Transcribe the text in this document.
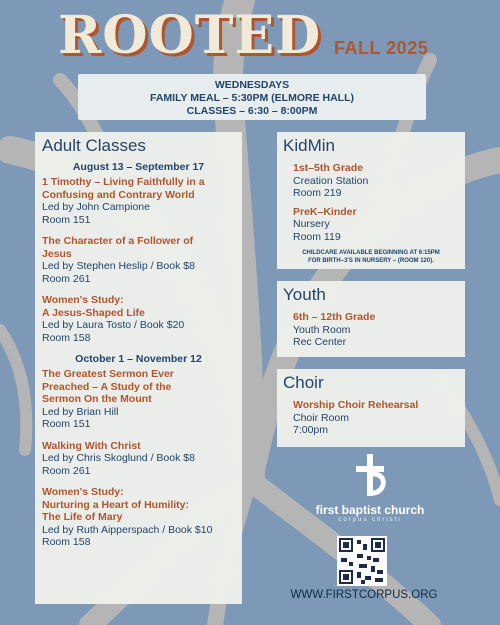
ROOTED FALL 2025
WEDNESDAYS
FAMILY MEAL – 5:30PM (ELMORE HALL)
CLASSES – 6:30 – 8:00PM
Adult Classes
August 13 – September 17
1 Timothy – Living Faithfully in a
Confusing and Contrary World
Led by John Campione
Room 151
The Character of a Follower of
Jesus
Led by Stephen Heslip / Book $8
Room 261
Women's Study:
A Jesus-Shaped Life
Led by Laura Tosto / Book $20
Room 158
October 1 – November 12
The Greatest Sermon Ever
Preached – A Study of the
Sermon On the Mount
Led by Brian Hill
Room 151
Walking With Christ
Led by Chris Skoglund / Book $8
Room 261
Women's Study:
Nurturing a Heart of Humility:
The Life of Mary
Led by Ruth Aipperspach / Book $10
Room 158
KidMin
1st–5th Grade
Creation Station
Room 219
PreK–Kinder
Nursery
Room 119
CHILDCARE AVAILABLE BEGINNING AT 6:15PM
FOR BIRTH–3'S IN NURSERY – (ROOM 120).
Youth
6th – 12th Grade
Youth Room
Rec Center
Choir
Worship Choir Rehearsal
Choir Room
7:00pm
first baptist church
corpus christi
WWW.FIRSTCORPUS.ORG
